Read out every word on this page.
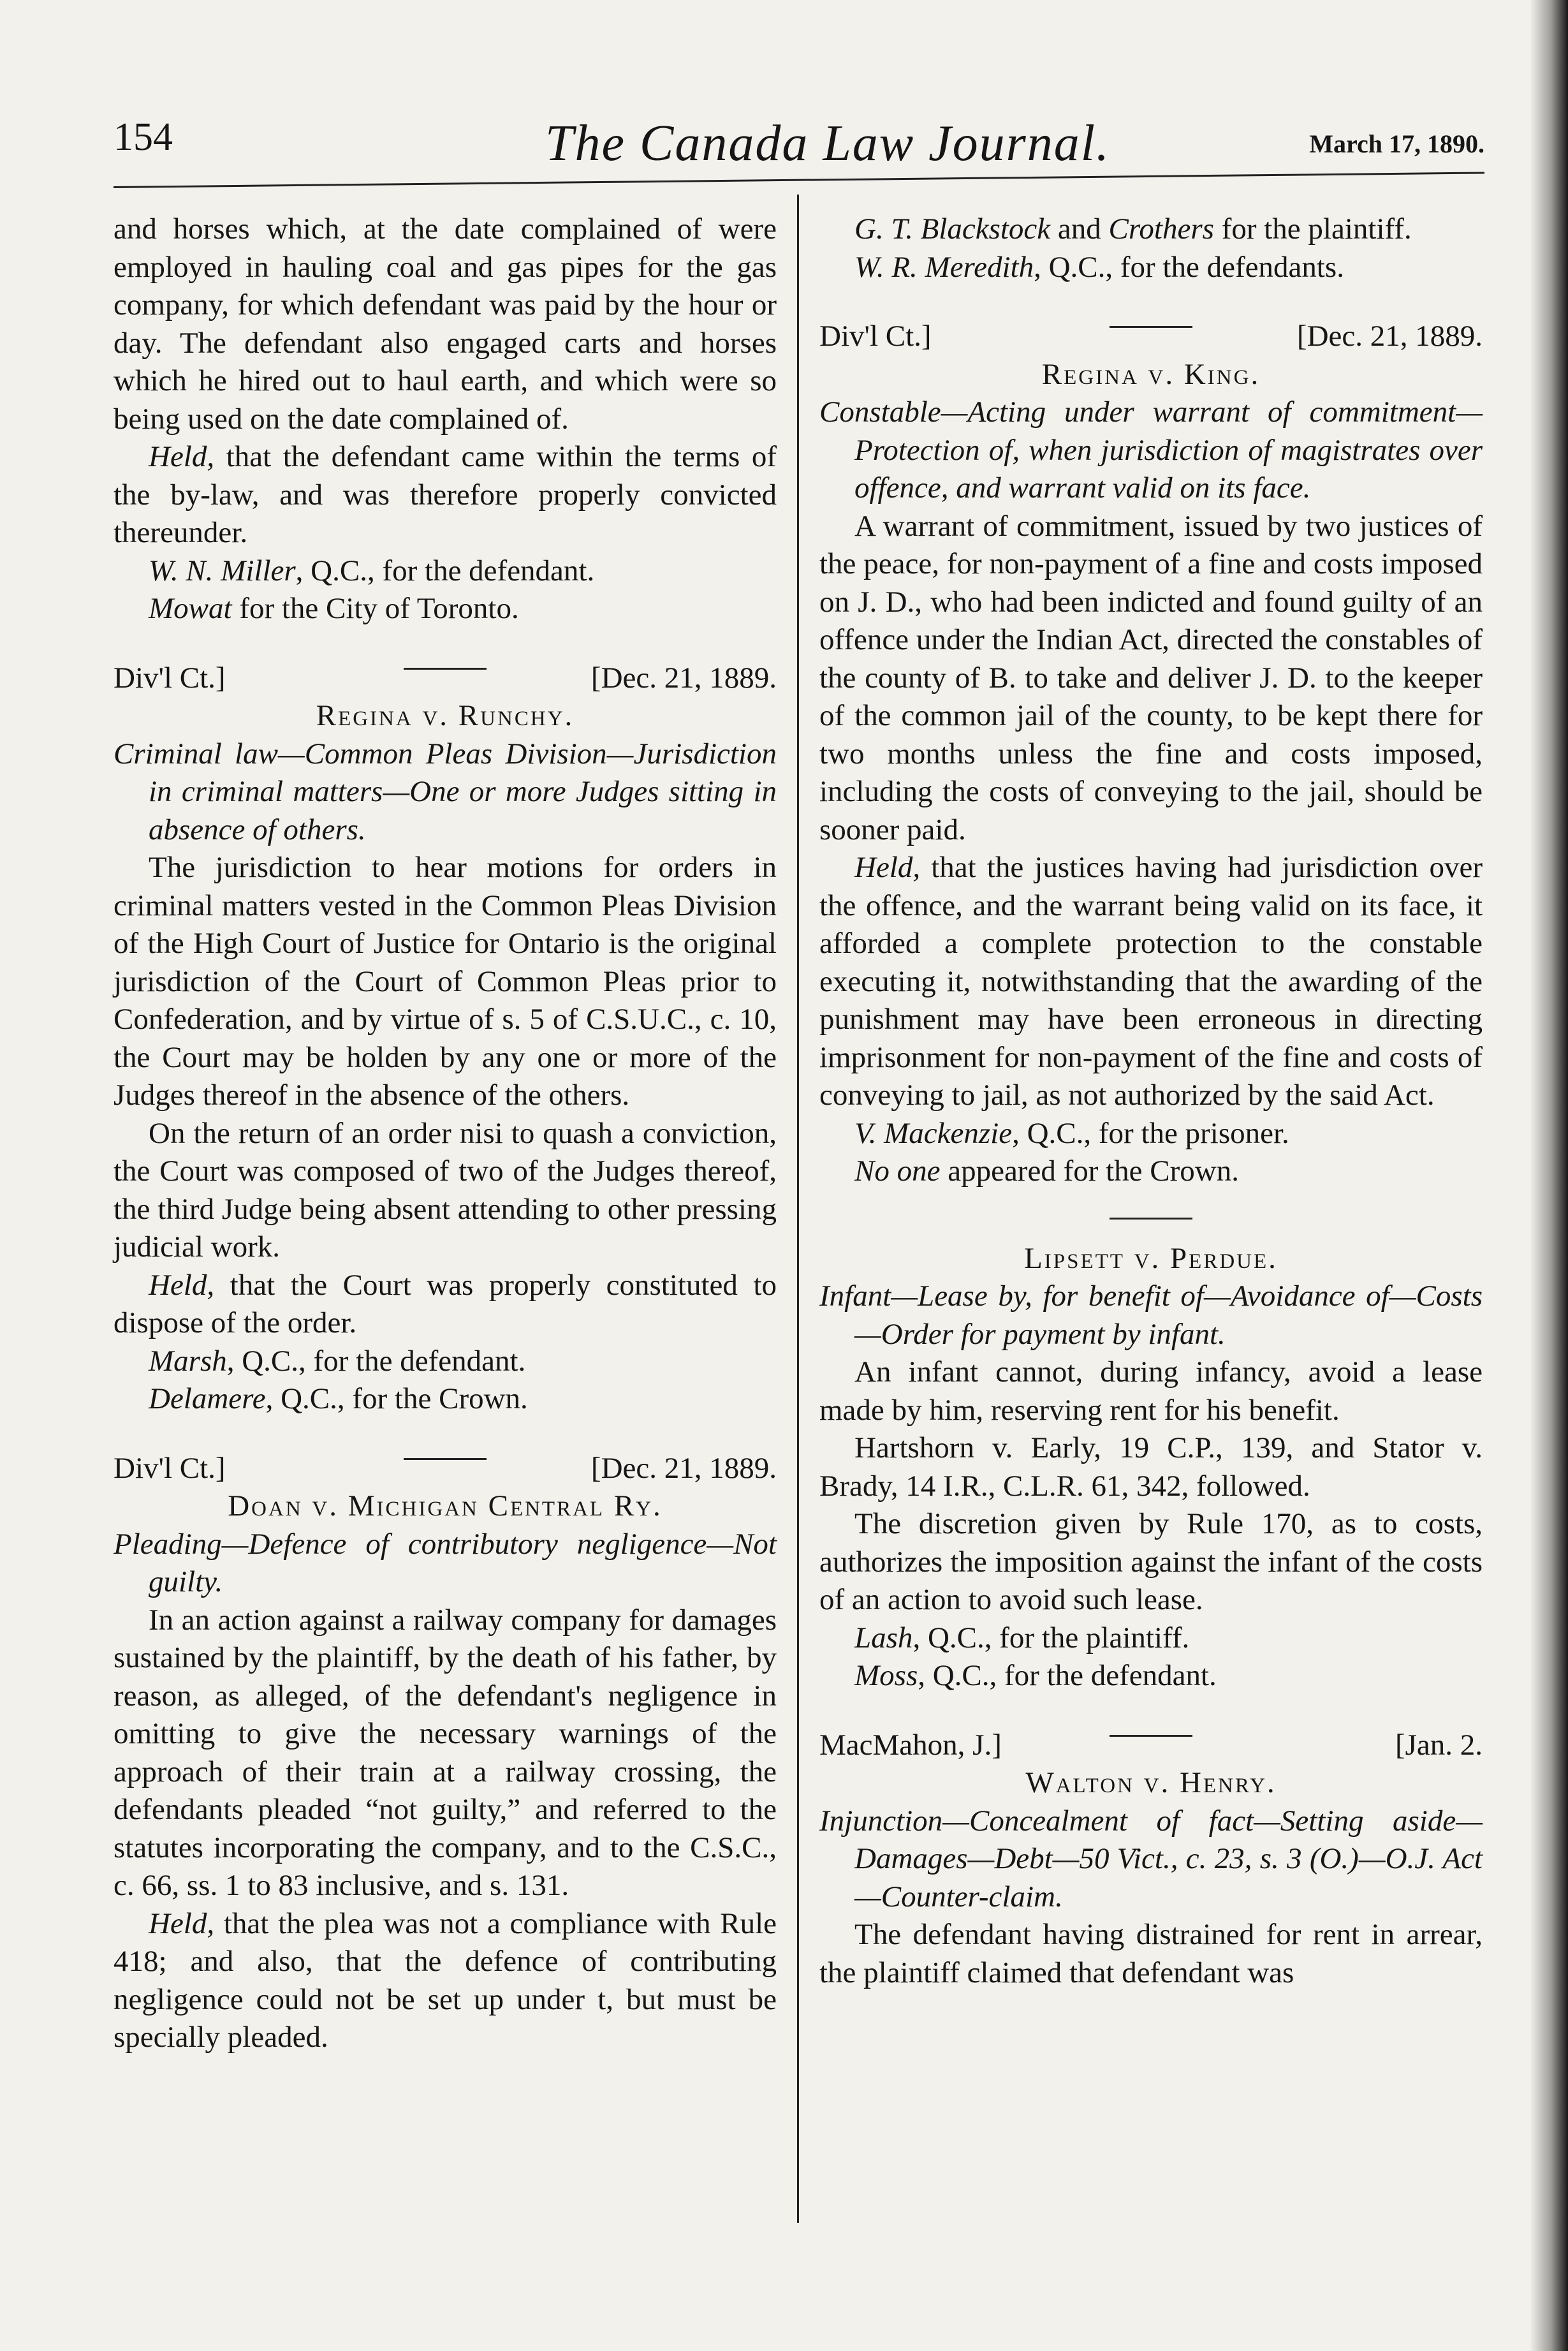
154	The Canada Law Journal.	March 17, 1890.

and horses which, at the date complained of were employed in hauling coal and gas pipes for the gas company, for which defendant was paid by the hour or day. The defendant also engaged carts and horses which he hired out to haul earth, and which were so being used on the date complained of.

Held, that the defendant came within the terms of the by-law, and was therefore properly convicted thereunder.

W. N. Miller, Q.C., for the defendant.

Mowat for the City of Toronto.

Div'l Ct.]	[Dec. 21, 1889.

Regina v. Runchy.

Criminal law—Common Pleas Division—Jurisdiction in criminal matters—One or more Judges sitting in absence of others.

The jurisdiction to hear motions for orders in criminal matters vested in the Common Pleas Division of the High Court of Justice for Ontario is the original jurisdiction of the Court of Common Pleas prior to Confederation, and by virtue of s. 5 of C.S.U.C., c. 10, the Court may be holden by any one or more of the Judges thereof in the absence of the others.

On the return of an order nisi to quash a conviction, the Court was composed of two of the Judges thereof, the third Judge being absent attending to other pressing judicial work.

Held, that the Court was properly constituted to dispose of the order.

Marsh, Q.C., for the defendant.

Delamere, Q.C., for the Crown.

Div'l Ct.]	[Dec. 21, 1889.

Doan v. Michigan Central Ry.

Pleading—Defence of contributory negligence—Not guilty.

In an action against a railway company for damages sustained by the plaintiff, by the death of his father, by reason, as alleged, of the defendant's negligence in omitting to give the necessary warnings of the approach of their train at a railway crossing, the defendants pleaded “not guilty,” and referred to the statutes incorporating the company, and to the C.S.C., c. 66, ss. 1 to 83 inclusive, and s. 131.

Held, that the plea was not a compliance with Rule 418; and also, that the defence of contributing negligence could not be set up under t, but must be specially pleaded.

G. T. Blackstock and Crothers for the plaintiff.

W. R. Meredith, Q.C., for the defendants.

Div'l Ct.]	[Dec. 21, 1889.

Regina v. King.

Constable—Acting under warrant of commitment—Protection of, when jurisdiction of magistrates over offence, and warrant valid on its face.

A warrant of commitment, issued by two justices of the peace, for non-payment of a fine and costs imposed on J. D., who had been indicted and found guilty of an offence under the Indian Act, directed the constables of the county of B. to take and deliver J. D. to the keeper of the common jail of the county, to be kept there for two months unless the fine and costs imposed, including the costs of conveying to the jail, should be sooner paid.

Held, that the justices having had jurisdiction over the offence, and the warrant being valid on its face, it afforded a complete protection to the constable executing it, notwithstanding that the awarding of the punishment may have been erroneous in directing imprisonment for non-payment of the fine and costs of conveying to jail, as not authorized by the said Act.

V. Mackenzie, Q.C., for the prisoner.

No one appeared for the Crown.

Lipsett v. Perdue.

Infant—Lease by, for benefit of—Avoidance of—Costs—Order for payment by infant.

An infant cannot, during infancy, avoid a lease made by him, reserving rent for his benefit.

Hartshorn v. Early, 19 C.P., 139, and Stator v. Brady, 14 I.R., C.L.R. 61, 342, followed.

The discretion given by Rule 170, as to costs, authorizes the imposition against the infant of the costs of an action to avoid such lease.

Lash, Q.C., for the plaintiff.

Moss, Q.C., for the defendant.

MacMahon, J.]	[Jan. 2.

Walton v. Henry.

Injunction—Concealment of fact—Setting aside—Damages—Debt—50 Vict., c. 23, s. 3 (O.)—O.J. Act—Counter-claim.

The defendant having distrained for rent in arrear, the plaintiff claimed that defendant was
